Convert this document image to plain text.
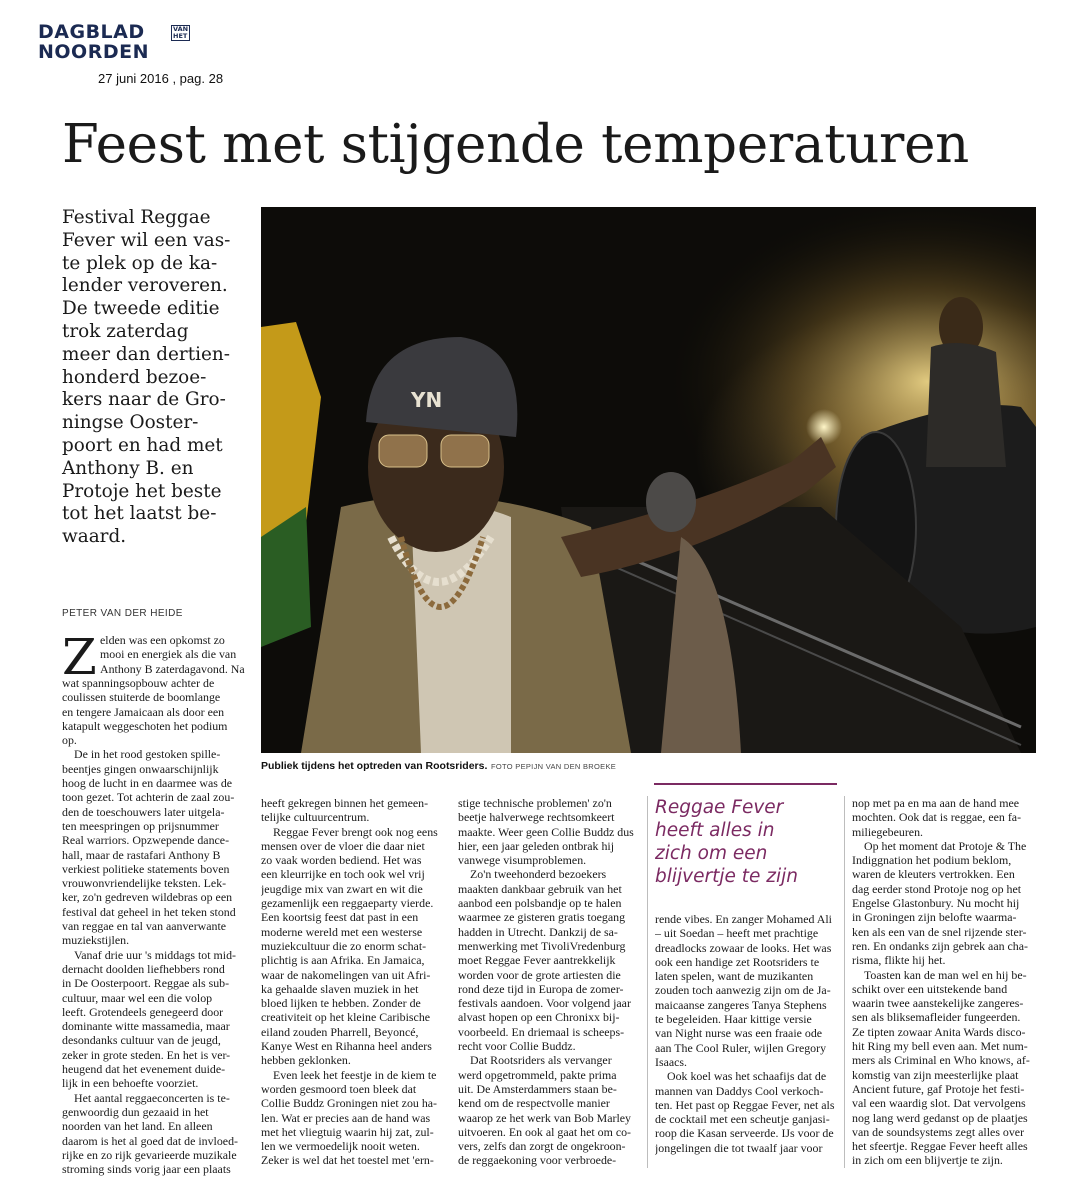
DAGBLAD	VAN
HET
NOORDEN
27 juni 2016 , pag. 28
Feest met stijgende temperaturen
Festival Reggae
Fever wil een vas-
te plek op de ka-
lender veroveren.
De tweede editie
trok zaterdag
meer dan dertien-
honderd bezoe-
kers naar de Gro-
ningse Ooster-
poort en had met
Anthony B. en
Protoje het beste
tot het laatst be-
waard.
PETER VAN DER HEIDE
YN
Publiek tijdens het optreden van Rootsriders. FOTO PEPIJN VAN DEN BROEKE
Z elden was een opkomst zo
mooi en energiek als die van
Anthony B zaterdagavond. Na
wat spanningsopbouw achter de
coulissen stuiterde de boomlange
en tengere Jamaicaan als door een
katapult weggeschoten het podium
op.
De in het rood gestoken spille-
beentjes gingen onwaarschijnlijk
hoog de lucht in en daarmee was de
toon gezet. Tot achterin de zaal zou-
den de toeschouwers later uitgela-
ten meespringen op prijsnummer
Real warriors. Opzwepende dance-
hall, maar de rastafari Anthony B
verkiest politieke statements boven
vrouwonvriendelijke teksten. Lek-
ker, zo'n gedreven wildebras op een
festival dat geheel in het teken stond
van reggae en tal van aanverwante
muziekstijlen.
Vanaf drie uur 's middags tot mid-
dernacht doolden liefhebbers rond
in De Oosterpoort. Reggae als sub-
cultuur, maar wel een die volop
leeft. Grotendeels genegeerd door
dominante witte massamedia, maar
desondanks cultuur van de jeugd,
zeker in grote steden. En het is ver-
heugend dat het evenement duide-
lijk in een behoefte voorziet.
Het aantal reggaeconcerten is te-
genwoordig dun gezaaid in het
noorden van het land. En alleen
daarom is het al goed dat de invloed-
rijke en zo rijk gevarieerde muzikale
stroming sinds vorig jaar een plaats
heeft gekregen binnen het gemeen-
telijke cultuurcentrum.
Reggae Fever brengt ook nog eens
mensen over de vloer die daar niet
zo vaak worden bediend. Het was
een kleurrijke en toch ook wel vrij
jeugdige mix van zwart en wit die
gezamenlijk een reggaeparty vierde.
Een koortsig feest dat past in een
moderne wereld met een westerse
muziekcultuur die zo enorm schat-
plichtig is aan Afrika. En Jamaica,
waar de nakomelingen van uit Afri-
ka gehaalde slaven muziek in het
bloed lijken te hebben. Zonder de
creativiteit op het kleine Caribische
eiland zouden Pharrell, Beyoncé,
Kanye West en Rihanna heel anders
hebben geklonken.
Even leek het feestje in de kiem te
worden gesmoord toen bleek dat
Collie Buddz Groningen niet zou ha-
len. Wat er precies aan de hand was
met het vliegtuig waarin hij zat, zul-
len we vermoedelijk nooit weten.
Zeker is wel dat het toestel met 'ern-
stige technische problemen' zo'n
beetje halverwege rechtsomkeert
maakte. Weer geen Collie Buddz dus
hier, een jaar geleden ontbrak hij
vanwege visumproblemen.
Zo'n tweehonderd bezoekers
maakten dankbaar gebruik van het
aanbod een polsbandje op te halen
waarmee ze gisteren gratis toegang
hadden in Utrecht. Dankzij de sa-
menwerking met TivoliVredenburg
moet Reggae Fever aantrekkelijk
worden voor de grote artiesten die
rond deze tijd in Europa de zomer-
festivals aandoen. Voor volgend jaar
alvast hopen op een Chronixx bij-
voorbeeld. En driemaal is scheeps-
recht voor Collie Buddz.
Dat Rootsriders als vervanger
werd opgetrommeld, pakte prima
uit. De Amsterdammers staan be-
kend om de respectvolle manier
waarop ze het werk van Bob Marley
uitvoeren. En ook al gaat het om co-
vers, zelfs dan zorgt de ongekroon-
de reggaekoning voor verbroede-
Reggae Fever
heeft alles in
zich om een
blijvertje te zijn
rende vibes. En zanger Mohamed Ali
– uit Soedan – heeft met prachtige
dreadlocks zowaar de looks. Het was
ook een handige zet Rootsriders te
laten spelen, want de muzikanten
zouden toch aanwezig zijn om de Ja-
maicaanse zangeres Tanya Stephens
te begeleiden. Haar kittige versie
van Night nurse was een fraaie ode
aan The Cool Ruler, wijlen Gregory
Isaacs.
Ook koel was het schaafijs dat de
mannen van Daddys Cool verkoch-
ten. Het past op Reggae Fever, net als
de cocktail met een scheutje ganjasi-
roop die Kasan serveerde. IJs voor de
jongelingen die tot twaalf jaar voor
nop met pa en ma aan de hand mee
mochten. Ook dat is reggae, een fa-
miliegebeuren.
Op het moment dat Protoje & The
Indiggnation het podium beklom,
waren de kleuters vertrokken. Een
dag eerder stond Protoje nog op het
Engelse Glastonbury. Nu mocht hij
in Groningen zijn belofte waarma-
ken als een van de snel rijzende ster-
ren. En ondanks zijn gebrek aan cha-
risma, flikte hij het.
Toasten kan de man wel en hij be-
schikt over een uitstekende band
waarin twee aanstekelijke zangeres-
sen als bliksemafleider fungeerden.
Ze tipten zowaar Anita Wards disco-
hit Ring my bell even aan. Met num-
mers als Criminal en Who knows, af-
komstig van zijn meesterlijke plaat
Ancient future, gaf Protoje het festi-
val een waardig slot. Dat vervolgens
nog lang werd gedanst op de plaatjes
van de soundsystems zegt alles over
het sfeertje. Reggae Fever heeft alles
in zich om een blijvertje te zijn.
